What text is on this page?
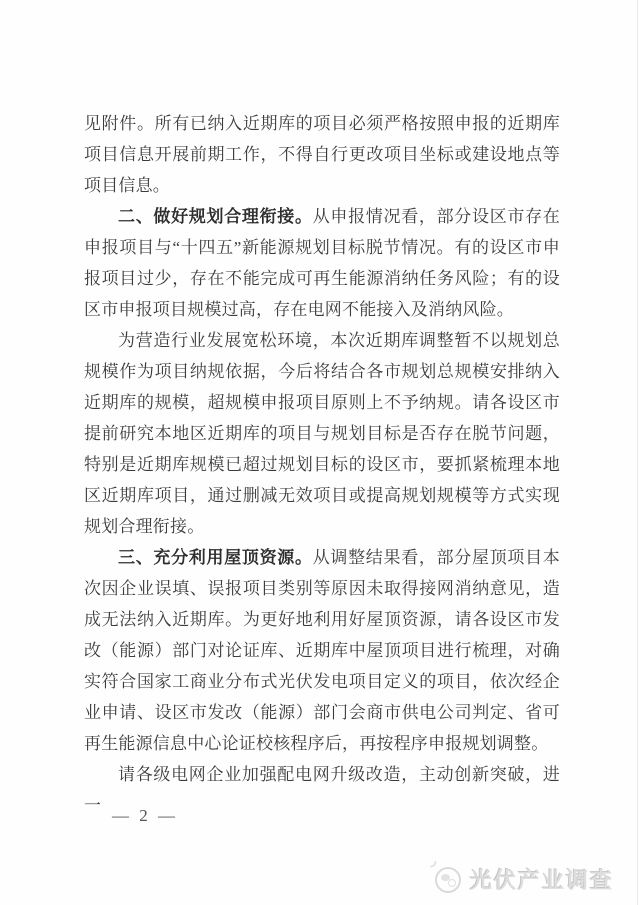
见附件。所有已纳入近期库的项目必须严格按照申报的近期库项目信息开展前期工作，不得自行更改项目坐标或建设地点等项目信息。

二、做好规划合理衔接。从申报情况看，部分设区市存在申报项目与“十四五”新能源规划目标脱节情况。有的设区市申报项目过少，存在不能完成可再生能源消纳任务风险；有的设区市申报项目规模过高，存在电网不能接入及消纳风险。

为营造行业发展宽松环境，本次近期库调整暂不以规划总规模作为项目纳规依据，今后将结合各市规划总规模安排纳入近期库的规模，超规模申报项目原则上不予纳规。请各设区市提前研究本地区近期库的项目与规划目标是否存在脱节问题，特别是近期库规模已超过规划目标的设区市，要抓紧梳理本地区近期库项目，通过删减无效项目或提高规划规模等方式实现规划合理衔接。

三、充分利用屋顶资源。从调整结果看，部分屋顶项目本次因企业误填、误报项目类别等原因未取得接网消纳意见，造成无法纳入近期库。为更好地利用好屋顶资源，请各设区市发改（能源）部门对论证库、近期库中屋顶项目进行梳理，对确实符合国家工商业分布式光伏发电项目定义的项目，依次经企业申请、设区市发改（能源）部门会商市供电公司判定、省可再生能源信息中心论证校核程序后，再按程序申报规划调整。

请各级电网企业加强配电网升级改造，主动创新突破，进一

— 2 —
光伏产业调查
